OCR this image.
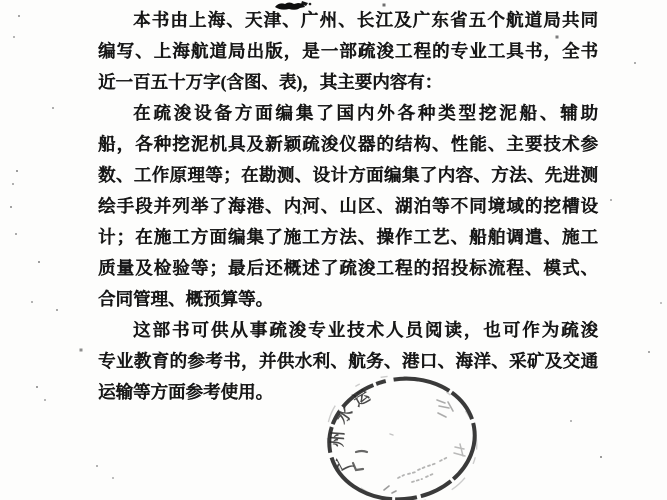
本书由上海、天津、广州、长江及广东省五个航道局共同
编写、上海航道局出版，是一部疏浚工程的专业工具书，全书
近一百五十万字(含图、表)，其主要内容有：
在疏浚设备方面编集了国内外各种类型挖泥船、辅助
船，各种挖泥机具及新颖疏浚仪器的结构、性能、主要技术参
数、工作原理等；在勘测、设计方面编集了内容、方法、先进测
绘手段并列举了海港、内河、山区、湖泊等不同境域的挖槽设
计；在施工方面编集了施工方法、操作工艺、船舶调遣、施工
质量及检验等；最后还概述了疏浚工程的招投标流程、模式、
合同管理、概预算等。
这部书可供从事疏浚专业技术人员阅读，也可作为疏浚
专业教育的参考书，并供水利、航务、港口、海洋、采矿及交通
运输等方面参考使用。
广州水运
